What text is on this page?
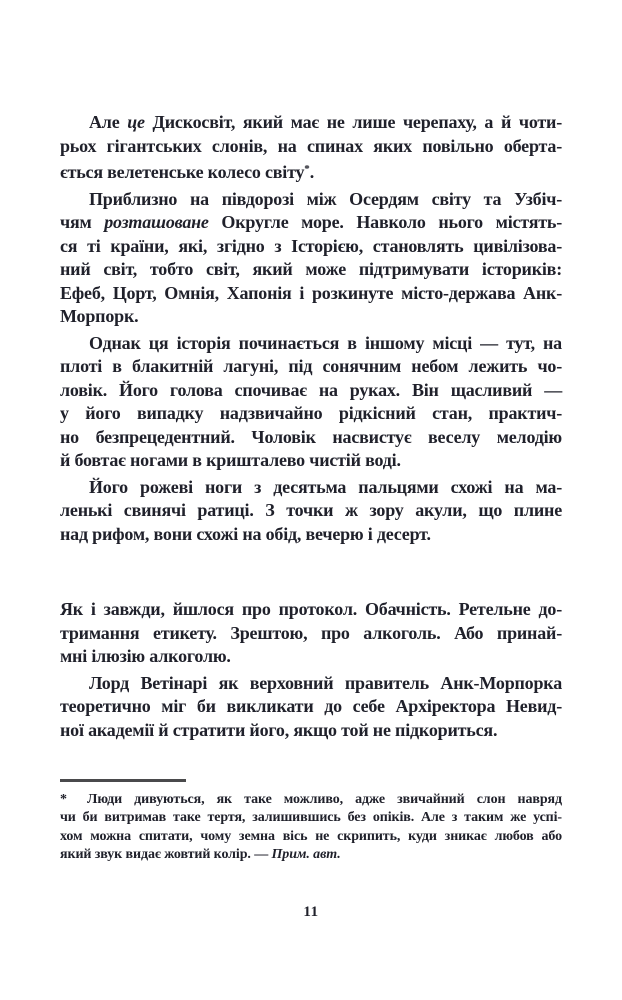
Але це Дискосвіт, який має не лише черепаху, а й чоти-
рьох гігантських слонів, на спинах яких повільно оберта-
ється велетенське колесо світу*.
Приблизно на півдорозі між Осердям світу та Узбіч-
чям розташоване Округле море. Навколо нього містять-
ся ті країни, які, згідно з Історією, становлять цивілізова-
ний світ, тобто світ, який може підтримувати істориків:
Ефеб, Цорт, Омнія, Хапонія і розкинуте місто-держава Анк-
Морпорк.
Однак ця історія починається в іншому місці — тут, на
плоті в блакитній лагуні, під сонячним небом лежить чо-
ловік. Його голова спочиває на руках. Він щасливий —
у його випадку надзвичайно рідкісний стан, практич-
но безпрецедентний. Чоловік насвистує веселу мелодію
й бовтає ногами в кришталево чистій воді.
Його рожеві ноги з десятьма пальцями схожі на ма-
ленькі свинячі ратиці. З точки ж зору акули, що плине
над рифом, вони схожі на обід, вечерю і десерт.
Як і завжди, йшлося про протокол. Обачність. Ретельне до-
тримання етикету. Зрештою, про алкоголь. Або принай-
мні ілюзію алкоголю.
Лорд Ветінарі як верховний правитель Анк-Морпорка
теоретично міг би викликати до себе Архіректора Невид-
ної академії й стратити його, якщо той не підкориться.
* Люди дивуються, як таке можливо, адже звичайний слон навряд
чи би витримав таке тертя, залишившись без опіків. Але з таким же успі-
хом можна спитати, чому земна вісь не скрипить, куди зникає любов або
який звук видає жовтий колір. — Прим. авт.
11
